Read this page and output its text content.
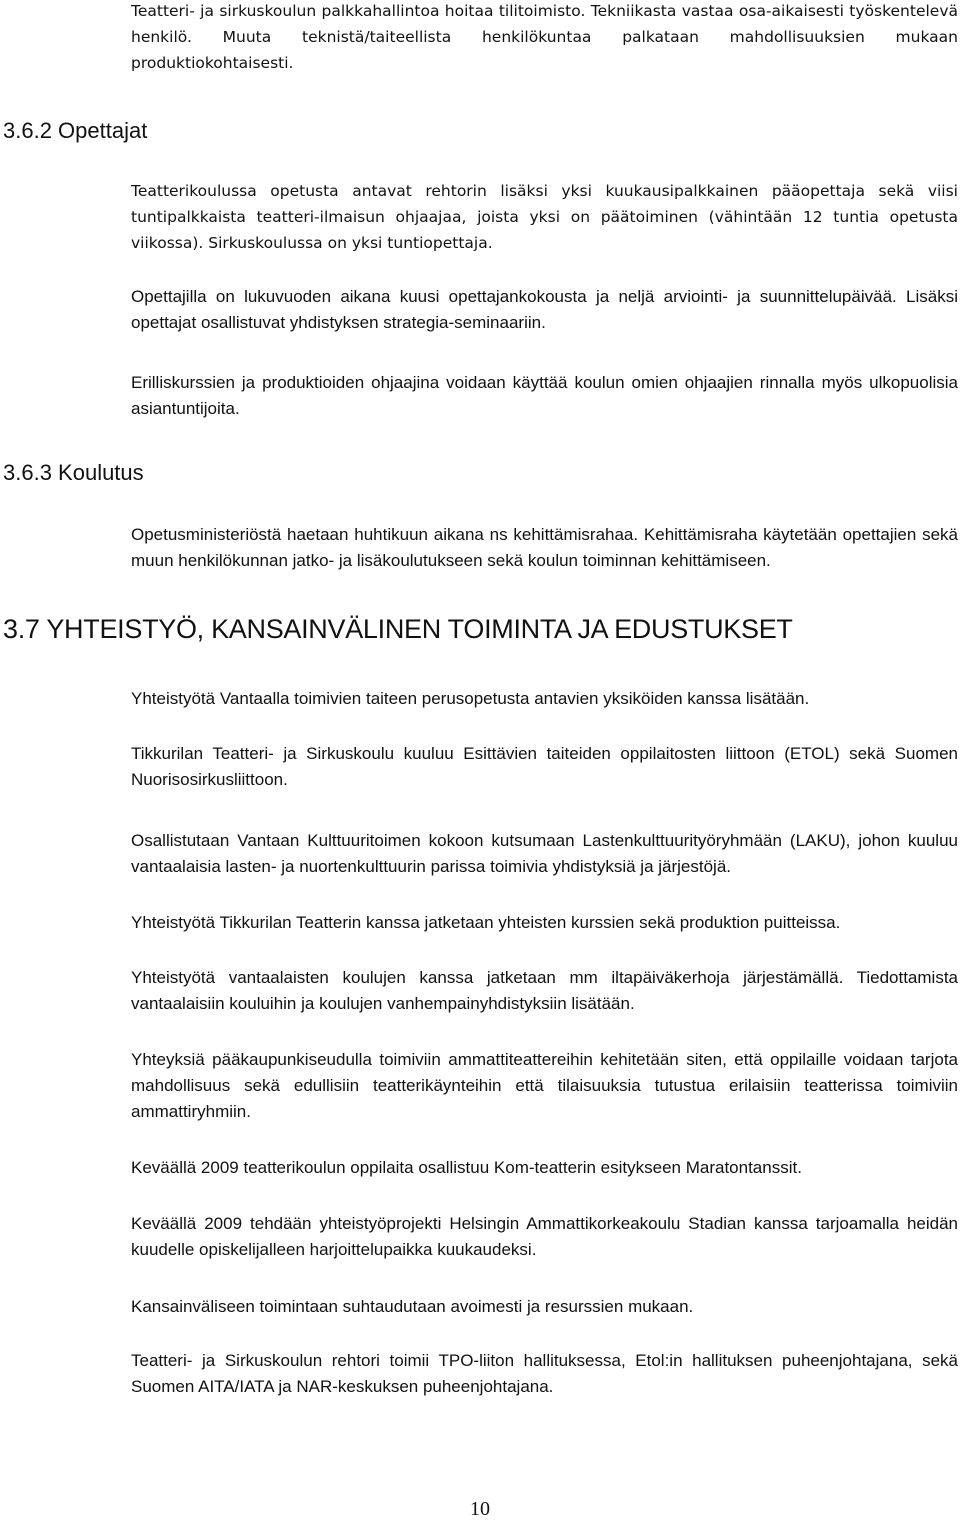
Teatteri- ja sirkuskoulun palkkahallintoa hoitaa tilitoimisto. Tekniikasta vastaa osa-aikaisesti työskentelevä henkilö. Muuta teknistä/taiteellista henkilökuntaa palkataan mahdollisuuksien mukaan produktiokohtaisesti.

3.6.2 Opettajat

Teatterikoulussa opetusta antavat rehtorin lisäksi yksi kuukausipalkkainen pääopettaja sekä viisi tuntipalkkaista teatteri-ilmaisun ohjaajaa, joista yksi on päätoiminen (vähintään 12 tuntia opetusta viikossa). Sirkuskoulussa on yksi tuntiopettaja.

Opettajilla on lukuvuoden aikana kuusi opettajankokousta ja neljä arviointi- ja suunnittelupäivää. Lisäksi opettajat osallistuvat yhdistyksen strategia-seminaariin.

Erilliskurssien ja produktioiden ohjaajina voidaan käyttää koulun omien ohjaajien rinnalla myös ulkopuolisia asiantuntijoita.

3.6.3 Koulutus

Opetusministeriöstä haetaan huhtikuun aikana ns kehittämisrahaa. Kehittämisraha käytetään opettajien sekä muun henkilökunnan jatko- ja lisäkoulutukseen sekä koulun toiminnan kehittämiseen.

3.7 YHTEISTYÖ, KANSAINVÄLINEN TOIMINTA JA EDUSTUKSET

Yhteistyötä Vantaalla toimivien taiteen perusopetusta antavien yksiköiden kanssa lisätään.

Tikkurilan Teatteri- ja Sirkuskoulu kuuluu Esittävien taiteiden oppilaitosten liittoon (ETOL) sekä Suomen Nuorisosirkusliittoon.

Osallistutaan Vantaan Kulttuuritoimen kokoon kutsumaan Lastenkulttuurityöryhmään (LAKU), johon kuuluu vantaalaisia lasten- ja nuortenkulttuurin parissa toimivia yhdistyksiä ja järjestöjä.

Yhteistyötä Tikkurilan Teatterin kanssa jatketaan yhteisten kurssien sekä produktion puitteissa.

Yhteistyötä vantaalaisten koulujen kanssa jatketaan mm iltapäiväkerhoja järjestämällä. Tiedottamista vantaalaisiin kouluihin ja koulujen vanhempainyhdistyksiin lisätään.

Yhteyksiä pääkaupunkiseudulla toimiviin ammattiteattereihin kehitetään siten, että oppilaille voidaan tarjota mahdollisuus sekä edullisiin teatterikäynteihin että tilaisuuksia tutustua erilaisiin teatterissa toimiviin ammattiryhmiin.

Keväällä 2009 teatterikoulun oppilaita osallistuu Kom-teatterin esitykseen Maratontanssit.

Keväällä 2009 tehdään yhteistyöprojekti Helsingin Ammattikorkeakoulu Stadian kanssa tarjoamalla heidän kuudelle opiskelijalleen harjoittelupaikka kuukaudeksi.

Kansainväliseen toimintaan suhtaudutaan avoimesti ja resurssien mukaan.

Teatteri- ja Sirkuskoulun rehtori toimii TPO-liiton hallituksessa, Etol:in hallituksen puheenjohtajana, sekä Suomen AITA/IATA ja NAR-keskuksen puheenjohtajana.

10
